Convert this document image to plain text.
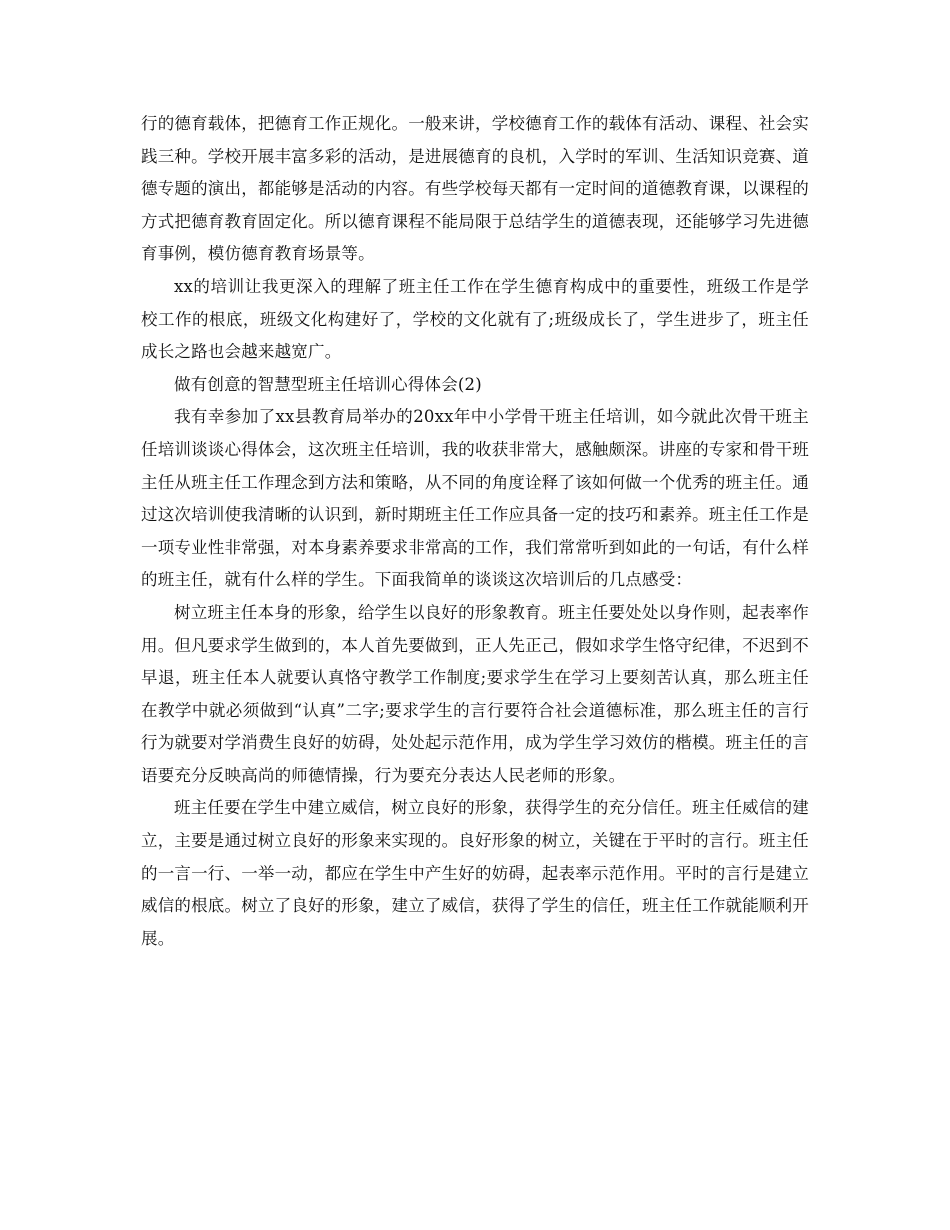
行的德育载体，把德育工作正规化。一般来讲，学校德育工作的载体有活动、课程、社会实践三种。学校开展丰富多彩的活动，是进展德育的良机，入学时的军训、生活知识竞赛、道德专题的演出，都能够是活动的内容。有些学校每天都有一定时间的道德教育课，以课程的方式把德育教育固定化。所以德育课程不能局限于总结学生的道德表现，还能够学习先进德育事例，模仿德育教育场景等。

xx的培训让我更深入的理解了班主任工作在学生德育构成中的重要性，班级工作是学校工作的根底，班级文化构建好了，学校的文化就有了;班级成长了，学生进步了，班主任成长之路也会越来越宽广。

做有创意的智慧型班主任培训心得体会(2)

我有幸参加了xx县教育局举办的20xx年中小学骨干班主任培训，如今就此次骨干班主任培训谈谈心得体会，这次班主任培训，我的收获非常大，感触颇深。讲座的专家和骨干班主任从班主任工作理念到方法和策略，从不同的角度诠释了该如何做一个优秀的班主任。通过这次培训使我清晰的认识到，新时期班主任工作应具备一定的技巧和素养。班主任工作是一项专业性非常强，对本身素养要求非常高的工作，我们常常听到如此的一句话，有什么样的班主任，就有什么样的学生。下面我简单的谈谈这次培训后的几点感受：

树立班主任本身的形象，给学生以良好的形象教育。班主任要处处以身作则，起表率作用。但凡要求学生做到的，本人首先要做到，正人先正己，假如求学生恪守纪律，不迟到不早退，班主任本人就要认真恪守教学工作制度;要求学生在学习上要刻苦认真，那么班主任在教学中就必须做到“认真”二字;要求学生的言行要符合社会道德标准，那么班主任的言行行为就要对学消费生良好的妨碍，处处起示范作用，成为学生学习效仿的楷模。班主任的言语要充分反映高尚的师德情操，行为要充分表达人民老师的形象。

班主任要在学生中建立威信，树立良好的形象，获得学生的充分信任。班主任威信的建立，主要是通过树立良好的形象来实现的。良好形象的树立，关键在于平时的言行。班主任的一言一行、一举一动，都应在学生中产生好的妨碍，起表率示范作用。平时的言行是建立威信的根底。树立了良好的形象，建立了威信，获得了学生的信任，班主任工作就能顺利开展。
